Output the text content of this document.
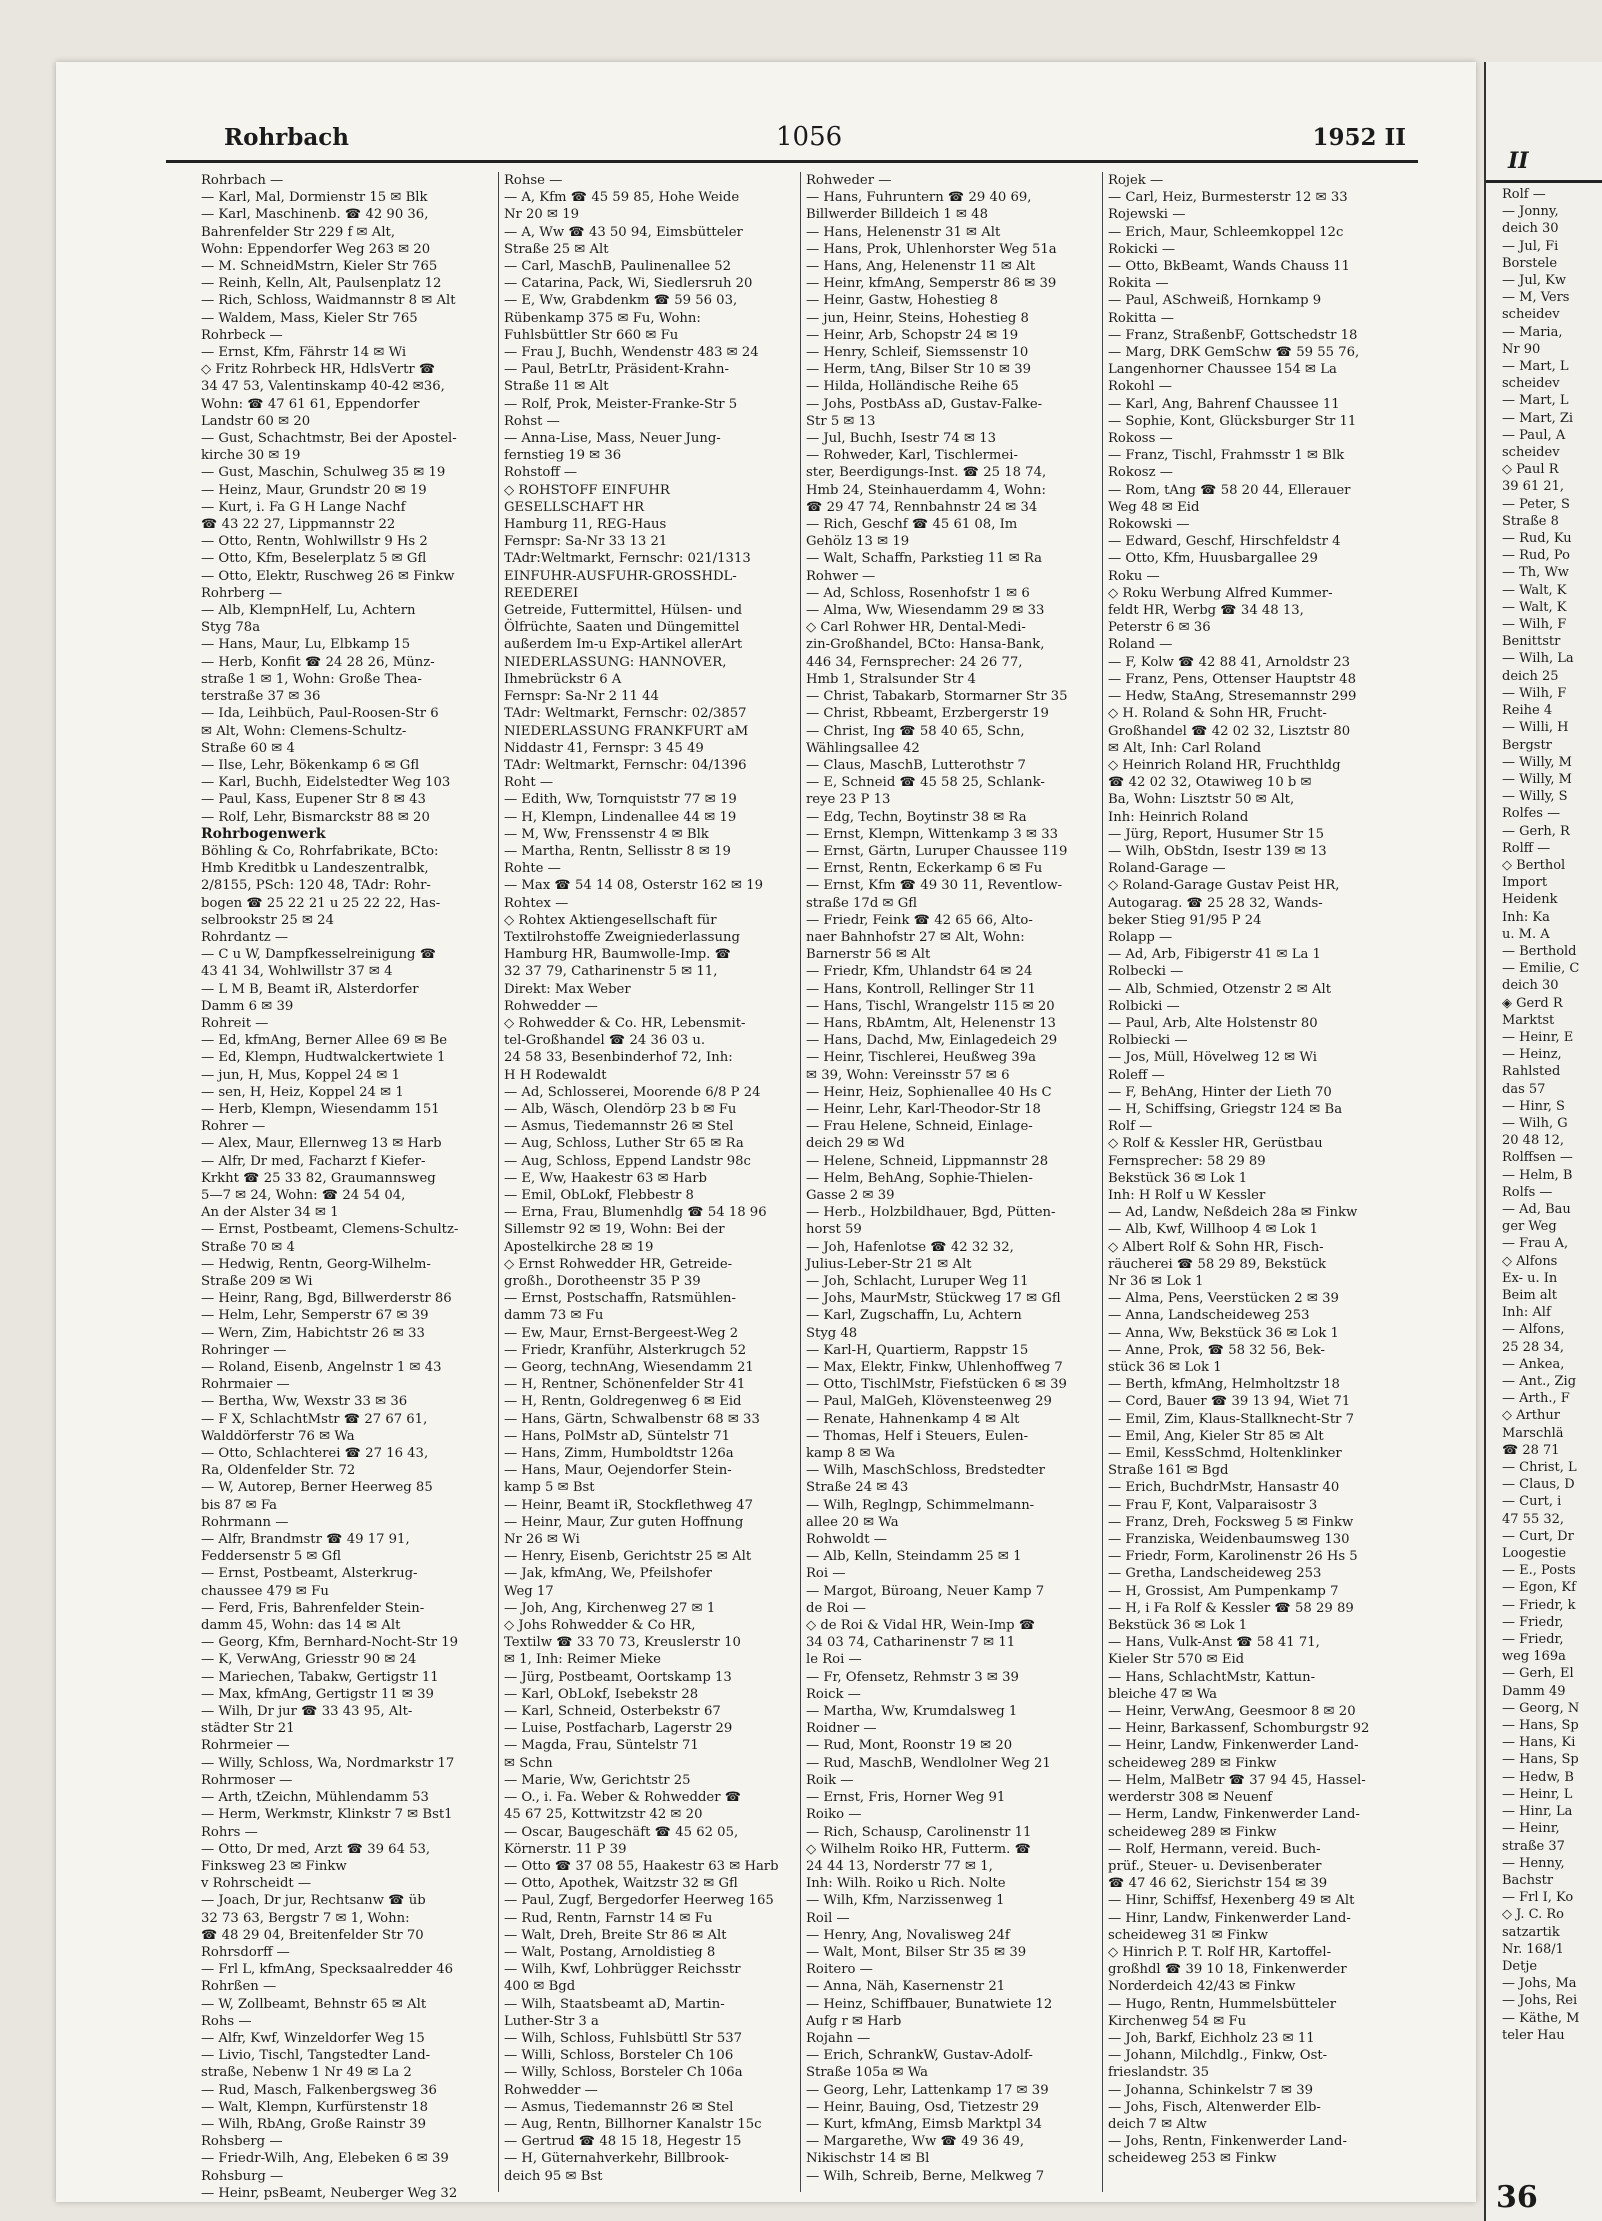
Rohrbach	1056	1952 II
Rohrbach —
— Karl, Mal, Dormienstr 15 ✉ Blk
— Karl, Maschinenb. ☎ 42 90 36,
Bahrenfelder Str 229 f ✉ Alt,
Wohn: Eppendorfer Weg 263 ✉ 20
— M. SchneidMstrn, Kieler Str 765
— Reinh, Kelln, Alt, Paulsenplatz 12
— Rich, Schloss, Waidmannstr 8 ✉ Alt
— Waldem, Mass, Kieler Str 765
Rohrbeck —
— Ernst, Kfm, Fährstr 14 ✉ Wi
◇ Fritz Rohrbeck HR, HdlsVertr ☎
34 47 53, Valentinskamp 40-42 ✉36,
Wohn: ☎ 47 61 61, Eppendorfer
Landstr 60 ✉ 20
— Gust, Schachtmstr, Bei der Apostel-
kirche 30 ✉ 19
— Gust, Maschin, Schulweg 35 ✉ 19
— Heinz, Maur, Grundstr 20 ✉ 19
— Kurt, i. Fa G H Lange Nachf
☎ 43 22 27, Lippmannstr 22
— Otto, Rentn, Wohlwillstr 9 Hs 2
— Otto, Kfm, Beselerplatz 5 ✉ Gfl
— Otto, Elektr, Ruschweg 26 ✉ Finkw
Rohrberg —
— Alb, KlempnHelf, Lu, Achtern
Styg 78a
— Hans, Maur, Lu, Elbkamp 15
— Herb, Konfit ☎ 24 28 26, Münz-
straße 1 ✉ 1, Wohn: Große Thea-
terstraße 37 ✉ 36
— Ida, Leihbüch, Paul-Roosen-Str 6
✉ Alt, Wohn: Clemens-Schultz-
Straße 60 ✉ 4
— Ilse, Lehr, Bökenkamp 6 ✉ Gfl
— Karl, Buchh, Eidelstedter Weg 103
— Paul, Kass, Eupener Str 8 ✉ 43
— Rolf, Lehr, Bismarckstr 88 ✉ 20
Rohrbogenwerk
Böhling & Co, Rohrfabrikate, BCto:
Hmb Kreditbk u Landeszentralbk,
2/8155, PSch: 120 48, TAdr: Rohr-
bogen ☎ 25 22 21 u 25 22 22, Has-
selbrookstr 25 ✉ 24
Rohrdantz —
— C u W, Dampfkesselreinigung ☎
43 41 34, Wohlwillstr 37 ✉ 4
— L M B, Beamt iR, Alsterdorfer
Damm 6 ✉ 39
Rohreit —
— Ed, kfmAng, Berner Allee 69 ✉ Be
— Ed, Klempn, Hudtwalckertwiete 1
— jun, H, Mus, Koppel 24 ✉ 1
— sen, H, Heiz, Koppel 24 ✉ 1
— Herb, Klempn, Wiesendamm 151
Rohrer —
— Alex, Maur, Ellernweg 13 ✉ Harb
— Alfr, Dr med, Facharzt f Kiefer-
Krkht ☎ 25 33 82, Graumannsweg
5—7 ✉ 24, Wohn: ☎ 24 54 04,
An der Alster 34 ✉ 1
— Ernst, Postbeamt, Clemens-Schultz-
Straße 70 ✉ 4
— Hedwig, Rentn, Georg-Wilhelm-
Straße 209 ✉ Wi
— Heinr, Rang, Bgd, Billwerderstr 86
— Helm, Lehr, Semperstr 67 ✉ 39
— Wern, Zim, Habichtstr 26 ✉ 33
Rohringer —
— Roland, Eisenb, Angelnstr 1 ✉ 43
Rohrmaier —
— Bertha, Ww, Wexstr 33 ✉ 36
— F X, SchlachtMstr ☎ 27 67 61,
Walddörferstr 76 ✉ Wa
— Otto, Schlachterei ☎ 27 16 43,
Ra, Oldenfelder Str. 72
— W, Autorep, Berner Heerweg 85
bis 87 ✉ Fa
Rohrmann —
— Alfr, Brandmstr ☎ 49 17 91,
Feddersenstr 5 ✉ Gfl
— Ernst, Postbeamt, Alsterkrug-
chaussee 479 ✉ Fu
— Ferd, Fris, Bahrenfelder Stein-
damm 45, Wohn: das 14 ✉ Alt
— Georg, Kfm, Bernhard-Nocht-Str 19
— K, VerwAng, Griesstr 90 ✉ 24
— Mariechen, Tabakw, Gertigstr 11
— Max, kfmAng, Gertigstr 11 ✉ 39
— Wilh, Dr jur ☎ 33 43 95, Alt-
städter Str 21
Rohrmeier —
— Willy, Schloss, Wa, Nordmarkstr 17
Rohrmoser —
— Arth, tZeichn, Mühlendamm 53
— Herm, Werkmstr, Klinkstr 7 ✉ Bst1
Rohrs —
— Otto, Dr med, Arzt ☎ 39 64 53,
Finksweg 23 ✉ Finkw
v Rohrscheidt —
— Joach, Dr jur, Rechtsanw ☎ üb
32 73 63, Bergstr 7 ✉ 1, Wohn:
☎ 48 29 04, Breitenfelder Str 70
Rohrsdorff —
— Frl L, kfmAng, Specksaalredder 46
Rohrßen —
— W, Zollbeamt, Behnstr 65 ✉ Alt
Rohs —
— Alfr, Kwf, Winzeldorfer Weg 15
— Livio, Tischl, Tangstedter Land-
straße, Nebenw 1 Nr 49 ✉ La 2
— Rud, Masch, Falkenbergsweg 36
— Walt, Klempn, Kurfürstenstr 18
— Wilh, RbAng, Große Rainstr 39
Rohsberg —
— Friedr-Wilh, Ang, Elebeken 6 ✉ 39
Rohsburg —
— Heinr, psBeamt, Neuberger Weg 32
Rohse —
— A, Kfm ☎ 45 59 85, Hohe Weide
Nr 20 ✉ 19
— A, Ww ☎ 43 50 94, Eimsbütteler
Straße 25 ✉ Alt
— Carl, MaschB, Paulinenallee 52
— Catarina, Pack, Wi, Siedlersruh 20
— E, Ww, Grabdenkm ☎ 59 56 03,
Rübenkamp 375 ✉ Fu, Wohn:
Fuhlsbüttler Str 660 ✉ Fu
— Frau J, Buchh, Wendenstr 483 ✉ 24
— Paul, BetrLtr, Präsident-Krahn-
Straße 11 ✉ Alt
— Rolf, Prok, Meister-Franke-Str 5
Rohst —
— Anna-Lise, Mass, Neuer Jung-
fernstieg 19 ✉ 36
Rohstoff —
◇ ROHSTOFF EINFUHR
GESELLSCHAFT HR
Hamburg 11, REG-Haus
Fernspr: Sa-Nr 33 13 21
TAdr:Weltmarkt, Fernschr: 021/1313
EINFUHR-AUSFUHR-GROSSHDL-
REEDEREI
Getreide, Futtermittel, Hülsen- und
Ölfrüchte, Saaten und Düngemittel
außerdem Im-u Exp-Artikel allerArt
NIEDERLASSUNG: HANNOVER,
Ihmebrückstr 6 A
Fernspr: Sa-Nr 2 11 44
TAdr: Weltmarkt, Fernschr: 02/3857
NIEDERLASSUNG FRANKFURT aM
Niddastr 41, Fernspr: 3 45 49
TAdr: Weltmarkt, Fernschr: 04/1396
Roht —
— Edith, Ww, Tornquiststr 77 ✉ 19
— H, Klempn, Lindenallee 44 ✉ 19
— M, Ww, Frenssenstr 4 ✉ Blk
— Martha, Rentn, Sellisstr 8 ✉ 19
Rohte —
— Max ☎ 54 14 08, Osterstr 162 ✉ 19
Rohtex —
◇ Rohtex Aktiengesellschaft für
Textilrohstoffe Zweigniederlassung
Hamburg HR, Baumwolle-Imp. ☎
32 37 79, Catharinenstr 5 ✉ 11,
Direkt: Max Weber
Rohwedder —
◇ Rohwedder & Co. HR, Lebensmit-
tel-Großhandel ☎ 24 36 03 u.
24 58 33, Besenbinderhof 72, Inh:
H H Rodewaldt
— Ad, Schlosserei, Moorende 6/8 P 24
— Alb, Wäsch, Olendörp 23 b ✉ Fu
— Asmus, Tiedemannstr 26 ✉ Stel
— Aug, Schloss, Luther Str 65 ✉ Ra
— Aug, Schloss, Eppend Landstr 98c
— E, Ww, Haakestr 63 ✉ Harb
— Emil, ObLokf, Flebbestr 8
— Erna, Frau, Blumenhdlg ☎ 54 18 96
Sillemstr 92 ✉ 19, Wohn: Bei der
Apostelkirche 28 ✉ 19
◇ Ernst Rohwedder HR, Getreide-
großh., Dorotheenstr 35 P 39
— Ernst, Postschaffn, Ratsmühlen-
damm 73 ✉ Fu
— Ew, Maur, Ernst-Bergeest-Weg 2
— Friedr, Kranführ, Alsterkrugch 52
— Georg, technAng, Wiesendamm 21
— H, Rentner, Schönenfelder Str 41
— H, Rentn, Goldregenweg 6 ✉ Eid
— Hans, Gärtn, Schwalbenstr 68 ✉ 33
— Hans, PolMstr aD, Süntelstr 71
— Hans, Zimm, Humboldtstr 126a
— Hans, Maur, Oejendorfer Stein-
kamp 5 ✉ Bst
— Heinr, Beamt iR, Stockflethweg 47
— Heinr, Maur, Zur guten Hoffnung
Nr 26 ✉ Wi
— Henry, Eisenb, Gerichtstr 25 ✉ Alt
— Jak, kfmAng, We, Pfeilshofer
Weg 17
— Joh, Ang, Kirchenweg 27 ✉ 1
◇ Johs Rohwedder & Co HR,
Textilw ☎ 33 70 73, Kreuslerstr 10
✉ 1, Inh: Reimer Mieke
— Jürg, Postbeamt, Oortskamp 13
— Karl, ObLokf, Isebekstr 28
— Karl, Schneid, Osterbekstr 67
— Luise, Postfacharb, Lagerstr 29
— Magda, Frau, Süntelstr 71
✉ Schn
— Marie, Ww, Gerichtstr 25
— O., i. Fa. Weber & Rohwedder ☎
45 67 25, Kottwitzstr 42 ✉ 20
— Oscar, Baugeschäft ☎ 45 62 05,
Körnerstr. 11 P 39
— Otto ☎ 37 08 55, Haakestr 63 ✉ Harb
— Otto, Apothek, Waitzstr 32 ✉ Gfl
— Paul, Zugf, Bergedorfer Heerweg 165
— Rud, Rentn, Farnstr 14 ✉ Fu
— Walt, Dreh, Breite Str 86 ✉ Alt
— Walt, Postang, Arnoldistieg 8
— Wilh, Kwf, Lohbrügger Reichsstr
400 ✉ Bgd
— Wilh, Staatsbeamt aD, Martin-
Luther-Str 3 a
— Wilh, Schloss, Fuhlsbüttl Str 537
— Willi, Schloss, Borsteler Ch 106
— Willy, Schloss, Borsteler Ch 106a
Rohwedder —
— Asmus, Tiedemannstr 26 ✉ Stel
— Aug, Rentn, Billhorner Kanalstr 15c
— Gertrud ☎ 48 15 18, Hegestr 15
— H, Güternahverkehr, Billbrook-
deich 95 ✉ Bst
Rohweder —
— Hans, Fuhruntern ☎ 29 40 69,
Billwerder Billdeich 1 ✉ 48
— Hans, Helenenstr 31 ✉ Alt
— Hans, Prok, Uhlenhorster Weg 51a
— Hans, Ang, Helenenstr 11 ✉ Alt
— Heinr, kfmAng, Semperstr 86 ✉ 39
— Heinr, Gastw, Hohestieg 8
— jun, Heinr, Steins, Hohestieg 8
— Heinr, Arb, Schopstr 24 ✉ 19
— Henry, Schleif, Siemssenstr 10
— Herm, tAng, Bilser Str 10 ✉ 39
— Hilda, Holländische Reihe 65
— Johs, PostbAss aD, Gustav-Falke-
Str 5 ✉ 13
— Jul, Buchh, Isestr 74 ✉ 13
— Rohweder, Karl, Tischlermei-
ster, Beerdigungs-Inst. ☎ 25 18 74,
Hmb 24, Steinhauerdamm 4, Wohn:
☎ 29 47 74, Rennbahnstr 24 ✉ 34
— Rich, Geschf ☎ 45 61 08, Im
Gehölz 13 ✉ 19
— Walt, Schaffn, Parkstieg 11 ✉ Ra
Rohwer —
— Ad, Schloss, Rosenhofstr 1 ✉ 6
— Alma, Ww, Wiesendamm 29 ✉ 33
◇ Carl Rohwer HR, Dental-Medi-
zin-Großhandel, BCto: Hansa-Bank,
446 34, Fernsprecher: 24 26 77,
Hmb 1, Stralsunder Str 4
— Christ, Tabakarb, Stormarner Str 35
— Christ, Rbbeamt, Erzbergerstr 19
— Christ, Ing ☎ 58 40 65, Schn,
Wählingsallee 42
— Claus, MaschB, Lutterothstr 7
— E, Schneid ☎ 45 58 25, Schlank-
reye 23 P 13
— Edg, Techn, Boytinstr 38 ✉ Ra
— Ernst, Klempn, Wittenkamp 3 ✉ 33
— Ernst, Gärtn, Luruper Chaussee 119
— Ernst, Rentn, Eckerkamp 6 ✉ Fu
— Ernst, Kfm ☎ 49 30 11, Reventlow-
straße 17d ✉ Gfl
— Friedr, Feink ☎ 42 65 66, Alto-
naer Bahnhofstr 27 ✉ Alt, Wohn:
Barnerstr 56 ✉ Alt
— Friedr, Kfm, Uhlandstr 64 ✉ 24
— Hans, Kontroll, Rellinger Str 11
— Hans, Tischl, Wrangelstr 115 ✉ 20
— Hans, RbAmtm, Alt, Helenenstr 13
— Hans, Dachd, Mw, Einlagedeich 29
— Heinr, Tischlerei, Heußweg 39a
✉ 39, Wohn: Vereinsstr 57 ✉ 6
— Heinr, Heiz, Sophienallee 40 Hs C
— Heinr, Lehr, Karl-Theodor-Str 18
— Frau Helene, Schneid, Einlage-
deich 29 ✉ Wd
— Helene, Schneid, Lippmannstr 28
— Helm, BehAng, Sophie-Thielen-
Gasse 2 ✉ 39
— Herb., Holzbildhauer, Bgd, Pütten-
horst 59
— Joh, Hafenlotse ☎ 42 32 32,
Julius-Leber-Str 21 ✉ Alt
— Joh, Schlacht, Luruper Weg 11
— Johs, MaurMstr, Stückweg 17 ✉ Gfl
— Karl, Zugschaffn, Lu, Achtern
Styg 48
— Karl-H, Quartierm, Rappstr 15
— Max, Elektr, Finkw, Uhlenhoffweg 7
— Otto, TischlMstr, Fiefstücken 6 ✉ 39
— Paul, MalGeh, Klövensteenweg 29
— Renate, Hahnenkamp 4 ✉ Alt
— Thomas, Helf i Steuers, Eulen-
kamp 8 ✉ Wa
— Wilh, MaschSchloss, Bredstedter
Straße 24 ✉ 43
— Wilh, Reglngp, Schimmelmann-
allee 20 ✉ Wa
Rohwoldt —
— Alb, Kelln, Steindamm 25 ✉ 1
Roi —
— Margot, Büroang, Neuer Kamp 7
de Roi —
◇ de Roi & Vidal HR, Wein-Imp ☎
34 03 74, Catharinenstr 7 ✉ 11
le Roi —
— Fr, Ofensetz, Rehmstr 3 ✉ 39
Roick —
— Martha, Ww, Krumdalsweg 1
Roidner —
— Rud, Mont, Roonstr 19 ✉ 20
— Rud, MaschB, Wendlolner Weg 21
Roik —
— Ernst, Fris, Horner Weg 91
Roiko —
— Rich, Schausp, Carolinenstr 11
◇ Wilhelm Roiko HR, Futterm. ☎
24 44 13, Norderstr 77 ✉ 1,
Inh: Wilh. Roiko u Rich. Nolte
— Wilh, Kfm, Narzissenweg 1
Roil —
— Henry, Ang, Novalisweg 24f
— Walt, Mont, Bilser Str 35 ✉ 39
Roitero —
— Anna, Näh, Kasernenstr 21
— Heinz, Schiffbauer, Bunatwiete 12
Aufg r ✉ Harb
Rojahn —
— Erich, SchrankW, Gustav-Adolf-
Straße 105a ✉ Wa
— Georg, Lehr, Lattenkamp 17 ✉ 39
— Heinr, Bauing, Osd, Tietzestr 29
— Kurt, kfmAng, Eimsb Marktpl 34
— Margarethe, Ww ☎ 49 36 49,
Nikischstr 14 ✉ Bl
— Wilh, Schreib, Berne, Melkweg 7
Rojek —
— Carl, Heiz, Burmesterstr 12 ✉ 33
Rojewski —
— Erich, Maur, Schleemkoppel 12c
Rokicki —
— Otto, BkBeamt, Wands Chauss 11
Rokita —
— Paul, ASchweiß, Hornkamp 9
Rokitta —
— Franz, StraßenbF, Gottschedstr 18
— Marg, DRK GemSchw ☎ 59 55 76,
Langenhorner Chaussee 154 ✉ La
Rokohl —
— Karl, Ang, Bahrenf Chaussee 11
— Sophie, Kont, Glücksburger Str 11
Rokoss —
— Franz, Tischl, Frahmsstr 1 ✉ Blk
Rokosz —
— Rom, tAng ☎ 58 20 44, Ellerauer
Weg 48 ✉ Eid
Rokowski —
— Edward, Geschf, Hirschfeldstr 4
— Otto, Kfm, Huusbargallee 29
Roku —
◇ Roku Werbung Alfred Kummer-
feldt HR, Werbg ☎ 34 48 13,
Peterstr 6 ✉ 36
Roland —
— F, Kolw ☎ 42 88 41, Arnoldstr 23
— Franz, Pens, Ottenser Hauptstr 48
— Hedw, StaAng, Stresemannstr 299
◇ H. Roland & Sohn HR, Frucht-
Großhandel ☎ 42 02 32, Lisztstr 80
✉ Alt, Inh: Carl Roland
◇ Heinrich Roland HR, Fruchthldg
☎ 42 02 32, Otawiweg 10 b ✉
Ba, Wohn: Lisztstr 50 ✉ Alt,
Inh: Heinrich Roland
— Jürg, Report, Husumer Str 15
— Wilh, ObStdn, Isestr 139 ✉ 13
Roland-Garage —
◇ Roland-Garage Gustav Peist HR,
Autogarag. ☎ 25 28 32, Wands-
beker Stieg 91/95 P 24
Rolapp —
— Ad, Arb, Fibigerstr 41 ✉ La 1
Rolbecki —
— Alb, Schmied, Otzenstr 2 ✉ Alt
Rolbicki —
— Paul, Arb, Alte Holstenstr 80
Rolbiecki —
— Jos, Müll, Hövelweg 12 ✉ Wi
Roleff —
— F, BehAng, Hinter der Lieth 70
— H, Schiffsing, Griegstr 124 ✉ Ba
Rolf —
◇ Rolf & Kessler HR, Gerüstbau
Fernsprecher: 58 29 89
Bekstück 36 ✉ Lok 1
Inh: H Rolf u W Kessler
— Ad, Landw, Neßdeich 28a ✉ Finkw
— Alb, Kwf, Willhoop 4 ✉ Lok 1
◇ Albert Rolf & Sohn HR, Fisch-
räucherei ☎ 58 29 89, Bekstück
Nr 36 ✉ Lok 1
— Alma, Pens, Veerstücken 2 ✉ 39
— Anna, Landscheideweg 253
— Anna, Ww, Bekstück 36 ✉ Lok 1
— Anne, Prok, ☎ 58 32 56, Bek-
stück 36 ✉ Lok 1
— Berth, kfmAng, Helmholtzstr 18
— Cord, Bauer ☎ 39 13 94, Wiet 71
— Emil, Zim, Klaus-Stallknecht-Str 7
— Emil, Ang, Kieler Str 85 ✉ Alt
— Emil, KessSchmd, Holtenklinker
Straße 161 ✉ Bgd
— Erich, BuchdrMstr, Hansastr 40
— Frau F, Kont, Valparaisostr 3
— Franz, Dreh, Focksweg 5 ✉ Finkw
— Franziska, Weidenbaumsweg 130
— Friedr, Form, Karolinenstr 26 Hs 5
— Gretha, Landscheideweg 253
— H, Grossist, Am Pumpenkamp 7
— H, i Fa Rolf & Kessler ☎ 58 29 89
Bekstück 36 ✉ Lok 1
— Hans, Vulk-Anst ☎ 58 41 71,
Kieler Str 570 ✉ Eid
— Hans, SchlachtMstr, Kattun-
bleiche 47 ✉ Wa
— Heinr, VerwAng, Geesmoor 8 ✉ 20
— Heinr, Barkassenf, Schomburgstr 92
— Heinr, Landw, Finkenwerder Land-
scheideweg 289 ✉ Finkw
— Helm, MalBetr ☎ 37 94 45, Hassel-
werderstr 308 ✉ Neuenf
— Herm, Landw, Finkenwerder Land-
scheideweg 289 ✉ Finkw
— Rolf, Hermann, vereid. Buch-
prüf., Steuer- u. Devisenberater
☎ 47 46 62, Sierichstr 154 ✉ 39
— Hinr, Schiffsf, Hexenberg 49 ✉ Alt
— Hinr, Landw, Finkenwerder Land-
scheideweg 31 ✉ Finkw
◇ Hinrich P. T. Rolf HR, Kartoffel-
großhdl ☎ 39 10 18, Finkenwerder
Norderdeich 42/43 ✉ Finkw
— Hugo, Rentn, Hummelsbütteler
Kirchenweg 54 ✉ Fu
— Joh, Barkf, Eichholz 23 ✉ 11
— Johann, Milchdlg., Finkw, Ost-
frieslandstr. 35
— Johanna, Schinkelstr 7 ✉ 39
— Johs, Fisch, Altenwerder Elb-
deich 7 ✉ Altw
— Johs, Rentn, Finkenwerder Land-
scheideweg 253 ✉ Finkw
II
Rolf —
— Jonny,
deich 30
— Jul, Fi
Borstele
— Jul, Kw
— M, Vers
scheidev
— Maria,
Nr 90
— Mart, L
scheidev
— Mart, L
— Mart, Zi
— Paul, A
scheidev
◇ Paul R
39 61 21,
— Peter, S
Straße 8
— Rud, Ku
— Rud, Po
— Th, Ww
— Walt, K
— Walt, K
— Wilh, F
Benittstr
— Wilh, La
deich 25
— Wilh, F
Reihe 4
— Willi, H
Bergstr
— Willy, M
— Willy, M
— Willy, S
Rolfes —
— Gerh, R
Rolff —
◇ Berthol
Import
Heidenk
Inh: Ka
u. M. A
— Berthold
— Emilie, C
deich 30
◈ Gerd R
Marktst
— Heinr, E
— Heinz,
Rahlsted
das 57
— Hinr, S
— Wilh, G
20 48 12,
Rolffsen —
— Helm, B
Rolfs —
— Ad, Bau
ger Weg
— Frau A,
◇ Alfons
Ex- u. In
Beim alt
Inh: Alf
— Alfons,
25 28 34,
— Ankea,
— Ant., Zig
— Arth., F
◇ Arthur
Marschlä
☎ 28 71
— Christ, L
— Claus, D
— Curt, i
47 55 32,
— Curt, Dr
Loogestie
— E., Posts
— Egon, Kf
— Friedr, k
— Friedr,
— Friedr,
weg 169a
— Gerh, El
Damm 49
— Georg, N
— Hans, Sp
— Hans, Ki
— Hans, Sp
— Hedw, B
— Heinr, L
— Hinr, La
— Heinr,
straße 37
— Henny,
Bachstr
— Frl I, Ko
◇ J. C. Ro
satzartik
Nr. 168/1
Detje
— Johs, Ma
— Johs, Rei
— Käthe, M
teler Hau
36
